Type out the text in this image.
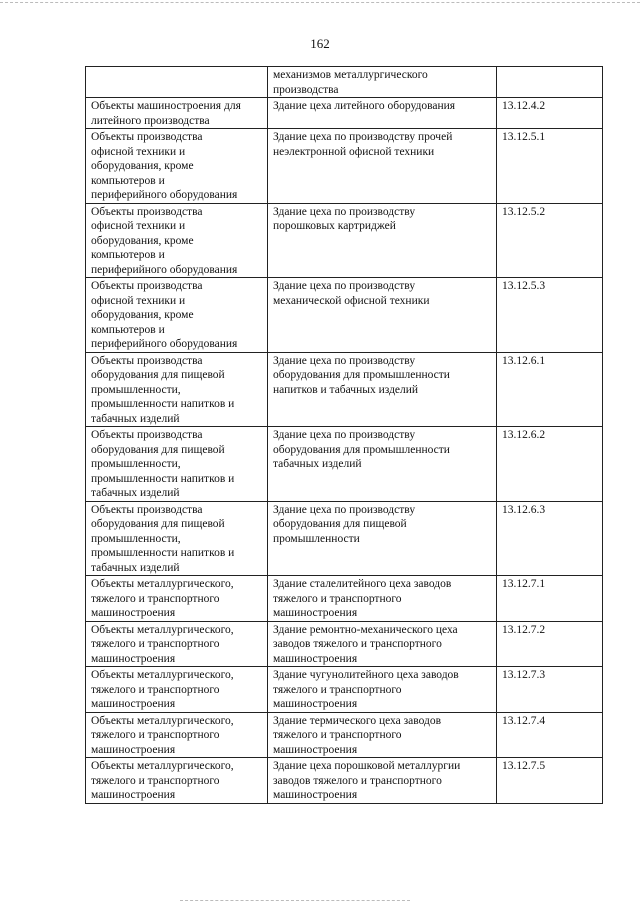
162

	механизмов металлургического
производства	

Объекты машиностроения для
литейного производства	Здание цеха литейного оборудования	13.12.4.2

Объекты производства
офисной техники и
оборудования, кроме
компьютеров и
периферийного оборудования	Здание цеха по производству прочей
неэлектронной офисной техники	13.12.5.1

Объекты производства
офисной техники и
оборудования, кроме
компьютеров и
периферийного оборудования	Здание цеха по производству
порошковых картриджей	13.12.5.2

Объекты производства
офисной техники и
оборудования, кроме
компьютеров и
периферийного оборудования	Здание цеха по производству
механической офисной техники	13.12.5.3

Объекты производства
оборудования для пищевой
промышленности,
промышленности напитков и
табачных изделий	Здание цеха по производству
оборудования для промышленности
напитков и табачных изделий	13.12.6.1

Объекты производства
оборудования для пищевой
промышленности,
промышленности напитков и
табачных изделий	Здание цеха по производству
оборудования для промышленности
табачных изделий	13.12.6.2

Объекты производства
оборудования для пищевой
промышленности,
промышленности напитков и
табачных изделий	Здание цеха по производству
оборудования для пищевой
промышленности	13.12.6.3

Объекты металлургического,
тяжелого и транспортного
машиностроения	Здание сталелитейного цеха заводов
тяжелого и транспортного
машиностроения	13.12.7.1

Объекты металлургического,
тяжелого и транспортного
машиностроения	Здание ремонтно-механического цеха
заводов тяжелого и транспортного
машиностроения	13.12.7.2

Объекты металлургического,
тяжелого и транспортного
машиностроения	Здание чугунолитейного цеха заводов
тяжелого и транспортного
машиностроения	13.12.7.3

Объекты металлургического,
тяжелого и транспортного
машиностроения	Здание термического цеха заводов
тяжелого и транспортного
машиностроения	13.12.7.4

Объекты металлургического,
тяжелого и транспортного
машиностроения	Здание цеха порошковой металлургии
заводов тяжелого и транспортного
машиностроения	13.12.7.5
